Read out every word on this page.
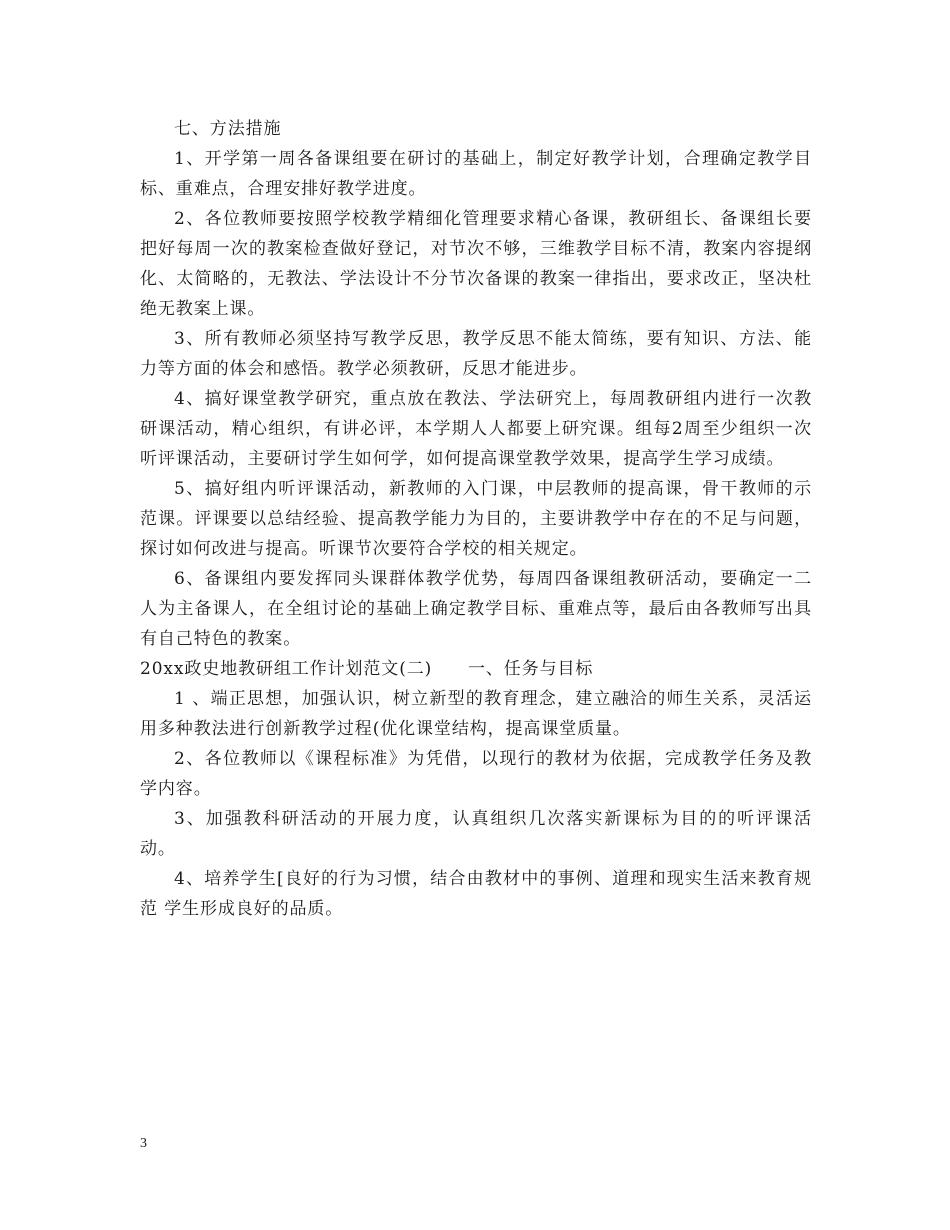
七、方法措施

1、开学第一周各备课组要在研讨的基础上，制定好教学计划，合理确定教学目标、重难点，合理安排好教学进度。

2、各位教师要按照学校教学精细化管理要求精心备课，教研组长、备课组长要把好每周一次的教案检查做好登记，对节次不够，三维教学目标不清，教案内容提纲化、太简略的，无教法、学法设计不分节次备课的教案一律指出，要求改正，坚决杜绝无教案上课。

3、所有教师必须坚持写教学反思，教学反思不能太简练，要有知识、方法、能力等方面的体会和感悟。教学必须教研，反思才能进步。

4、搞好课堂教学研究，重点放在教法、学法研究上，每周教研组内进行一次教研课活动，精心组织，有讲必评，本学期人人都要上研究课。组每2周至少组织一次听评课活动，主要研讨学生如何学，如何提高课堂教学效果，提高学生学习成绩。

5、搞好组内听评课活动，新教师的入门课，中层教师的提高课，骨干教师的示范课。评课要以总结经验、提高教学能力为目的，主要讲教学中存在的不足与问题，探讨如何改进与提高。听课节次要符合学校的相关规定。

6、备课组内要发挥同头课群体教学优势，每周四备课组教研活动，要确定一二人为主备课人，在全组讨论的基础上确定教学目标、重难点等，最后由各教师写出具有自己特色的教案。

20xx政史地教研组工作计划范文(二)　　一、任务与目标

1 、端正思想，加强认识，树立新型的教育理念，建立融洽的师生关系，灵活运用多种教法进行创新教学过程(优化课堂结构，提高课堂质量。

2、各位教师以《课程标准》为凭借，以现行的教材为依据，完成教学任务及教学内容。

3、加强教科研活动的开展力度，认真组织几次落实新课标为目的的听评课活动。

4、培养学生[良好的行为习惯，结合由教材中的事例、道理和现实生活来教育规范 学生形成良好的品质。

3
